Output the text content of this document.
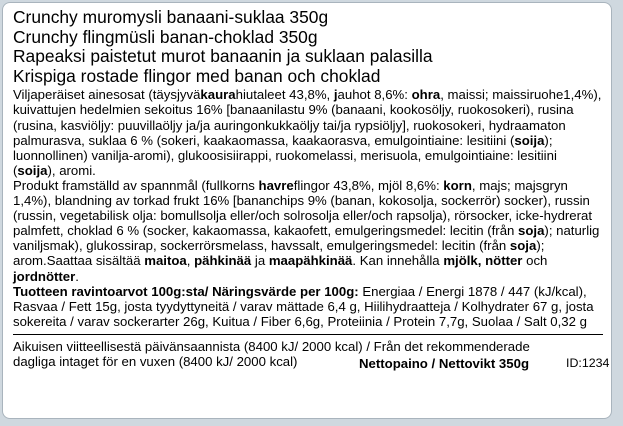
Crunchy muromysli banaani-suklaa 350g
Crunchy flingmüsli banan-choklad 350g
Rapeaksi paistetut murot banaanin ja suklaan palasilla
Krispiga rostade flingor med banan och choklad

Viljaperäiset ainesosat (täysjyväkaurahiutaleet 43,8%, jauhot 8,6%: ohra, maissi; maissiruohe1,4%), kuivattujen hedelmien sekoitus 16% [banaanilastu 9% (banaani, kookosöljy, ruokosokeri), rusina (rusina, kasviöljy: puuvillaöljy ja/ja auringonkukkaöljy tai/ja rypsiöljy], ruokosokeri, hydraamaton palmurasva, suklaa 6 % (sokeri, kaakaomassa, kaakaorasva, emulgointiaine: lesitiini (soija); luonnollinen) vanilja-aromi), glukoosisiirappi, ruokomelassi, merisuola, emulgointiaine: lesitiini (soija), aromi.

Produkt framställd av spannmål (fullkorns havreflingor 43,8%, mjöl 8,6%: korn, majs; majsgryn 1,4%), blandning av torkad frukt 16% [bananchips 9% (banan, kokosolja, sockerrör) socker), russin (russin, vegetabilisk olja: bomullsolja eller/och solrosolja eller/och rapsolja), rörsocker, icke-hydrerat palmfett, choklad 6 % (socker, kakaomassa, kakaofett, emulgeringsmedel: lecitin (från soja); naturlig vaniljsmak), glukossirap, sockerrörsmelass, havssalt, emulgeringsmedel: lecitin (från soja); arom.Saattaa sisältää maitoa, pähkinää ja maapähkinää. Kan innehålla mjölk, nötter och jordnötter.

Tuotteen ravintoarvot 100g:sta/ Näringsvärde per 100g: Energiaa / Energi 1878 / 447 (kJ/kcal), Rasvaa / Fett 15g, josta tyydyttyneitä / varav mättade 6,4 g, Hiilihydraatteja / Kolhydrater 67 g, josta sokereita / varav sockerarter 26g, Kuitua / Fiber 6,6g, Proteiinia / Protein 7,7g, Suolaa / Salt 0,32 g

Aikuisen viitteellisestä päivänsaannista (8400 kJ/ 2000 kcal) / Från det rekommenderade
dagliga intaget för en vuxen (8400 kJ/ 2000 kcal)	Nettopaino / Nettovikt 350g	ID:1234
